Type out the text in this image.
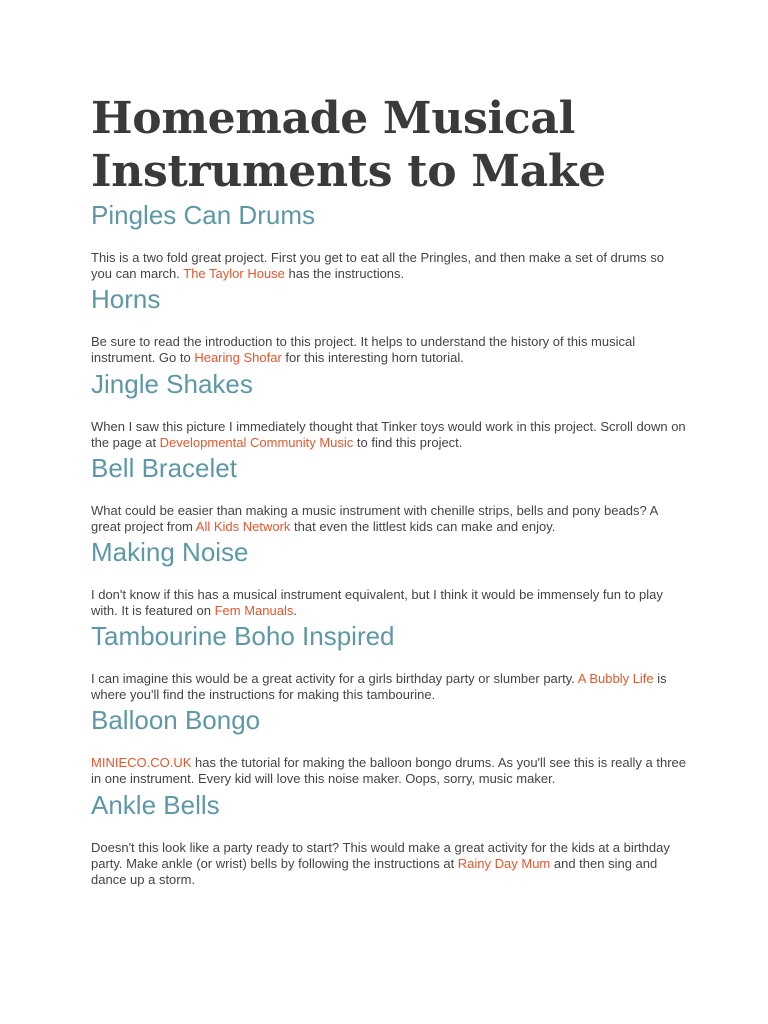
Homemade Musical Instruments to Make
Pingles Can Drums

This is a two fold great project. First you get to eat all the Pringles, and then make a set of drums so you can march. The Taylor House has the instructions.

Horns

Be sure to read the introduction to this project. It helps to understand the history of this musical instrument. Go to Hearing Shofar for this interesting horn tutorial.

Jingle Shakes

When I saw this picture I immediately thought that Tinker toys would work in this project. Scroll down on the page at Developmental Community Music to find this project.

Bell Bracelet

What could be easier than making a music instrument with chenille strips, bells and pony beads? A great project from All Kids Network that even the littlest kids can make and enjoy.

Making Noise

I don't know if this has a musical instrument equivalent, but I think it would be immensely fun to play with. It is featured on Fem Manuals.

Tambourine Boho Inspired

I can imagine this would be a great activity for a girls birthday party or slumber party. A Bubbly Life is where you'll find the instructions for making this tambourine.

Balloon Bongo

MINIECO.CO.UK has the tutorial for making the balloon bongo drums. As you'll see this is really a three in one instrument. Every kid will love this noise maker. Oops, sorry, music maker.

Ankle Bells

Doesn't this look like a party ready to start? This would make a great activity for the kids at a birthday party. Make ankle (or wrist) bells by following the instructions at Rainy Day Mum and then sing and dance up a storm.
